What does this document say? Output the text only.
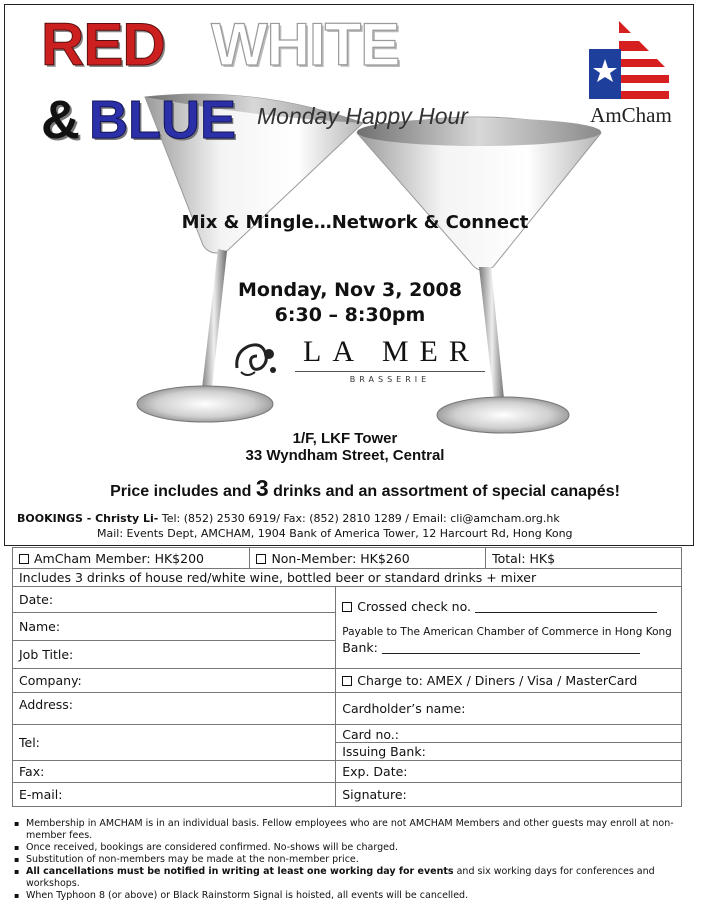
RED WHITE
& BLUE Monday Happy Hour	AmCham
Mix & Mingle…Network & Connect
Monday, Nov 3, 2008
6:30 – 8:30pm
LA MER
BRASSERIE
1/F, LKF Tower
33 Wyndham Street, Central
Price includes and 3 drinks and an assortment of special canapés!
BOOKINGS - Christy Li- Tel: (852) 2530 6919/ Fax: (852) 2810 1289 / Email: cli@amcham.org.hk
Mail: Events Dept, AMCHAM, 1904 Bank of America Tower, 12 Harcourt Rd, Hong Kong
AmCham Member: HK$200	Non-Member: HK$260		Total: HK$
Includes 3 drinks of house red/white wine, bottled beer or standard drinks + mixer			
Date:		Crossed check no.
Payable to The American Chamber of Commerce in Hong Kong
Bank:	

Name:			
Job Title:			
Company:		Charge to: AMEX / Diners / Visa / MasterCard	
Address:		Cardholder’s name:	
Tel:		Card no.:
Issuing Bank:	

Fax:		Exp. Date:	
E-mail:		Signature:	
▪ Membership in AMCHAM is in an individual basis. Fellow employees who are not AMCHAM Members and other guests may enroll at non-member fees.
▪ Once received, bookings are considered confirmed. No-shows will be charged.
▪ Substitution of non-members may be made at the non-member price.
▪ All cancellations must be notified in writing at least one working day for events and six working days for conferences and workshops.
▪ When Typhoon 8 (or above) or Black Rainstorm Signal is hoisted, all events will be cancelled.
